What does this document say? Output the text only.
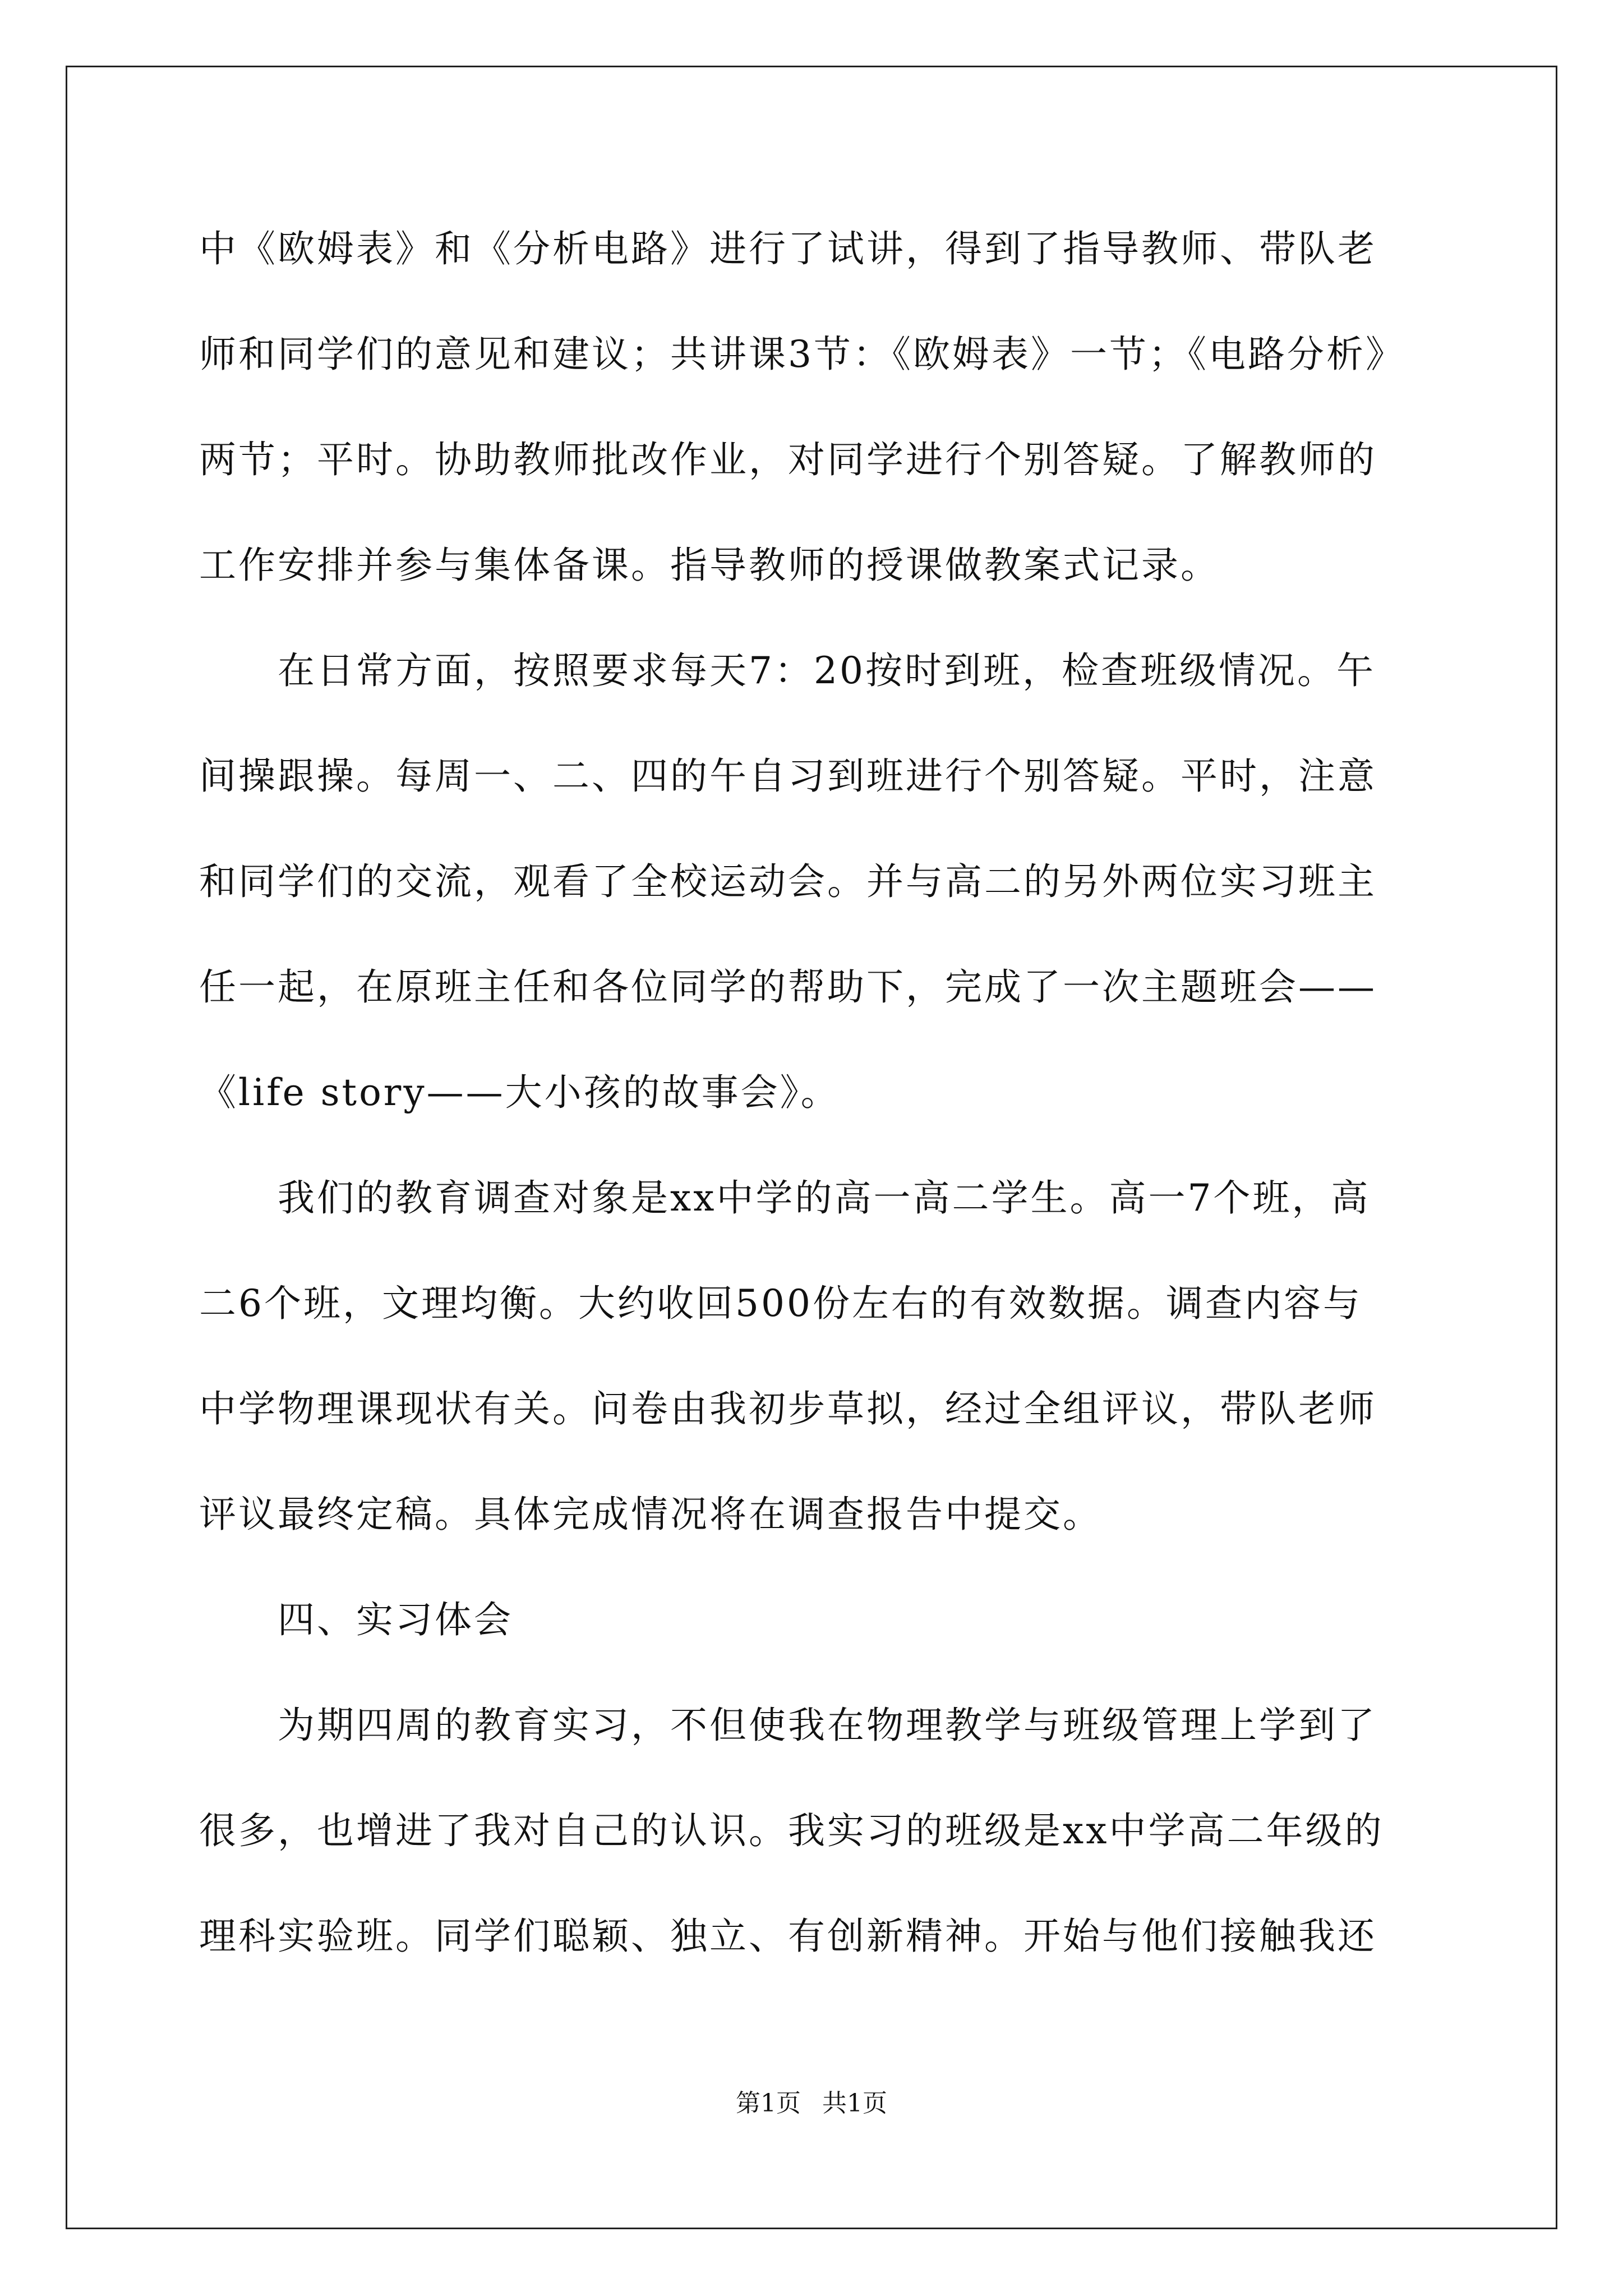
中《欧姆表》和《分析电路》进行了试讲，得到了指导教师、带队老
师和同学们的意见和建议；共讲课3节：《欧姆表》一节；《电路分析》
两节；平时。协助教师批改作业，对同学进行个别答疑。了解教师的
工作安排并参与集体备课。指导教师的授课做教案式记录。
在日常方面，按照要求每天7：20按时到班，检查班级情况。午
间操跟操。每周一、二、四的午自习到班进行个别答疑。平时，注意
和同学们的交流，观看了全校运动会。并与高二的另外两位实习班主
任一起，在原班主任和各位同学的帮助下，完成了一次主题班会——
《life story——大小孩的故事会》。
我们的教育调查对象是xx中学的高一高二学生。高一7个班，高
二6个班，文理均衡。大约收回500份左右的有效数据。调查内容与
中学物理课现状有关。问卷由我初步草拟，经过全组评议，带队老师
评议最终定稿。具体完成情况将在调查报告中提交。
四、实习体会
为期四周的教育实习，不但使我在物理教学与班级管理上学到了
很多，也增进了我对自己的认识。我实习的班级是xx中学高二年级的
理科实验班。同学们聪颖、独立、有创新精神。开始与他们接触我还
第1页 共1页
